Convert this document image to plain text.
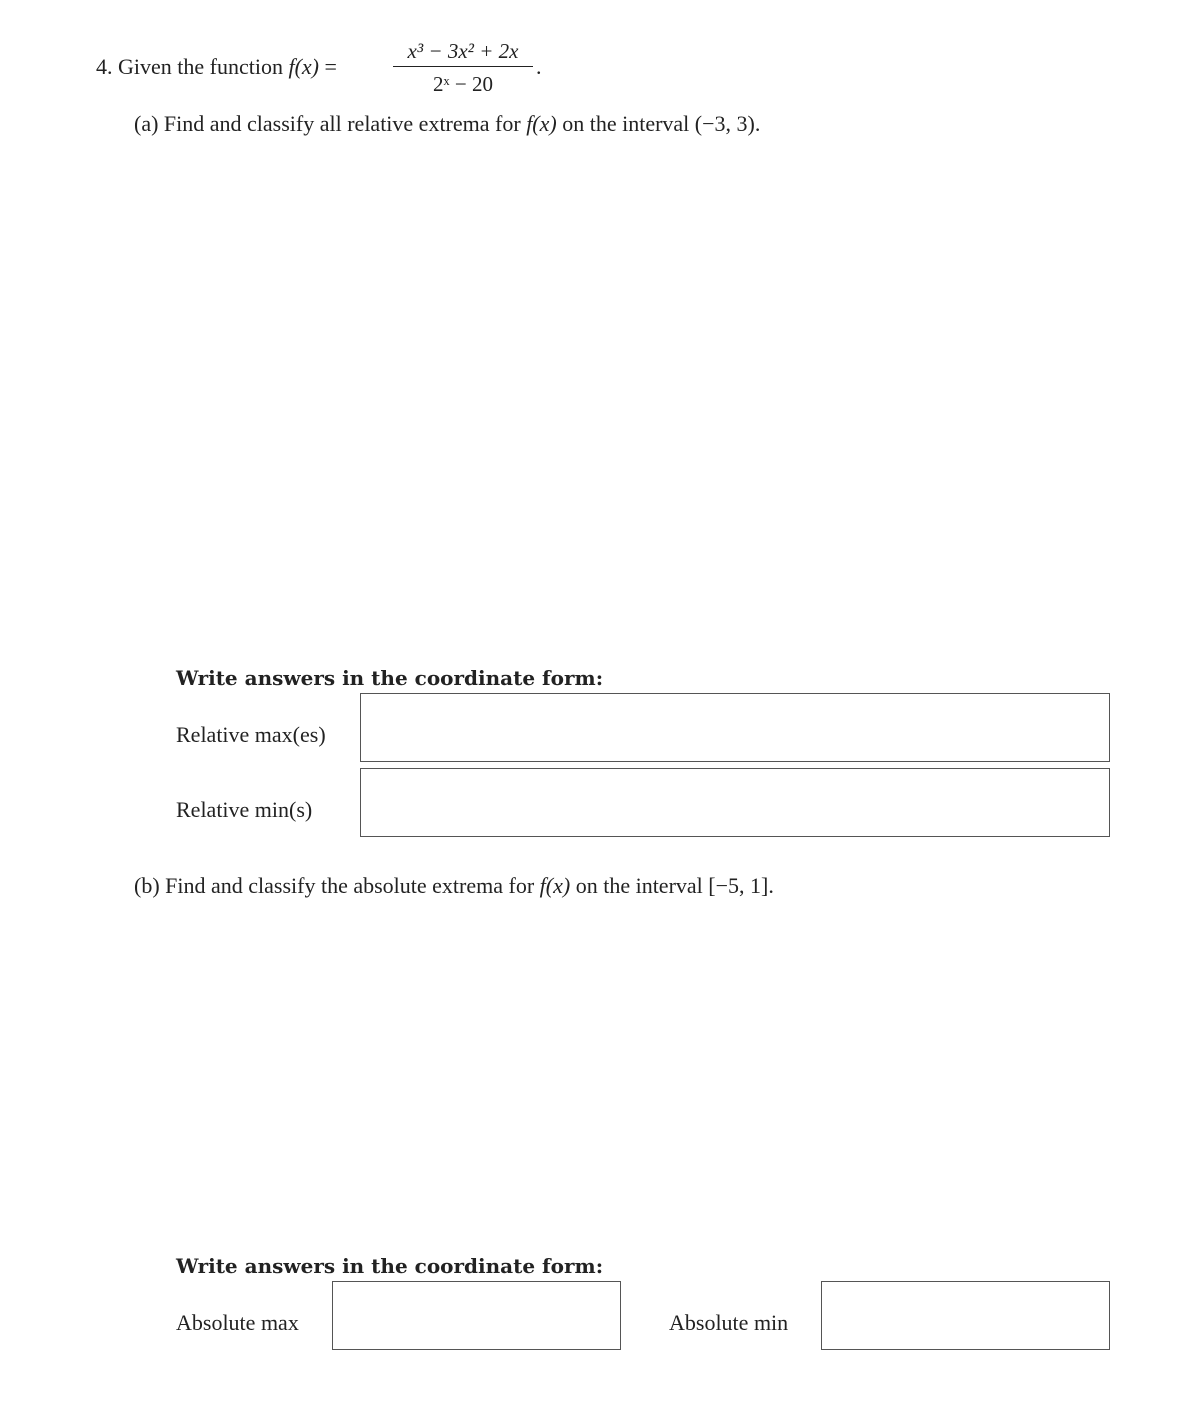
4. Given the function f(x) =
x³ − 3x² + 2x
2ˣ − 20
.
(a) Find and classify all relative extrema for f(x) on the interval (−3, 3).
Write answers in the coordinate form:
Relative max(es)
Relative min(s)
(b) Find and classify the absolute extrema for f(x) on the interval [−5, 1].
Write answers in the coordinate form:
Absolute max	Absolute min
